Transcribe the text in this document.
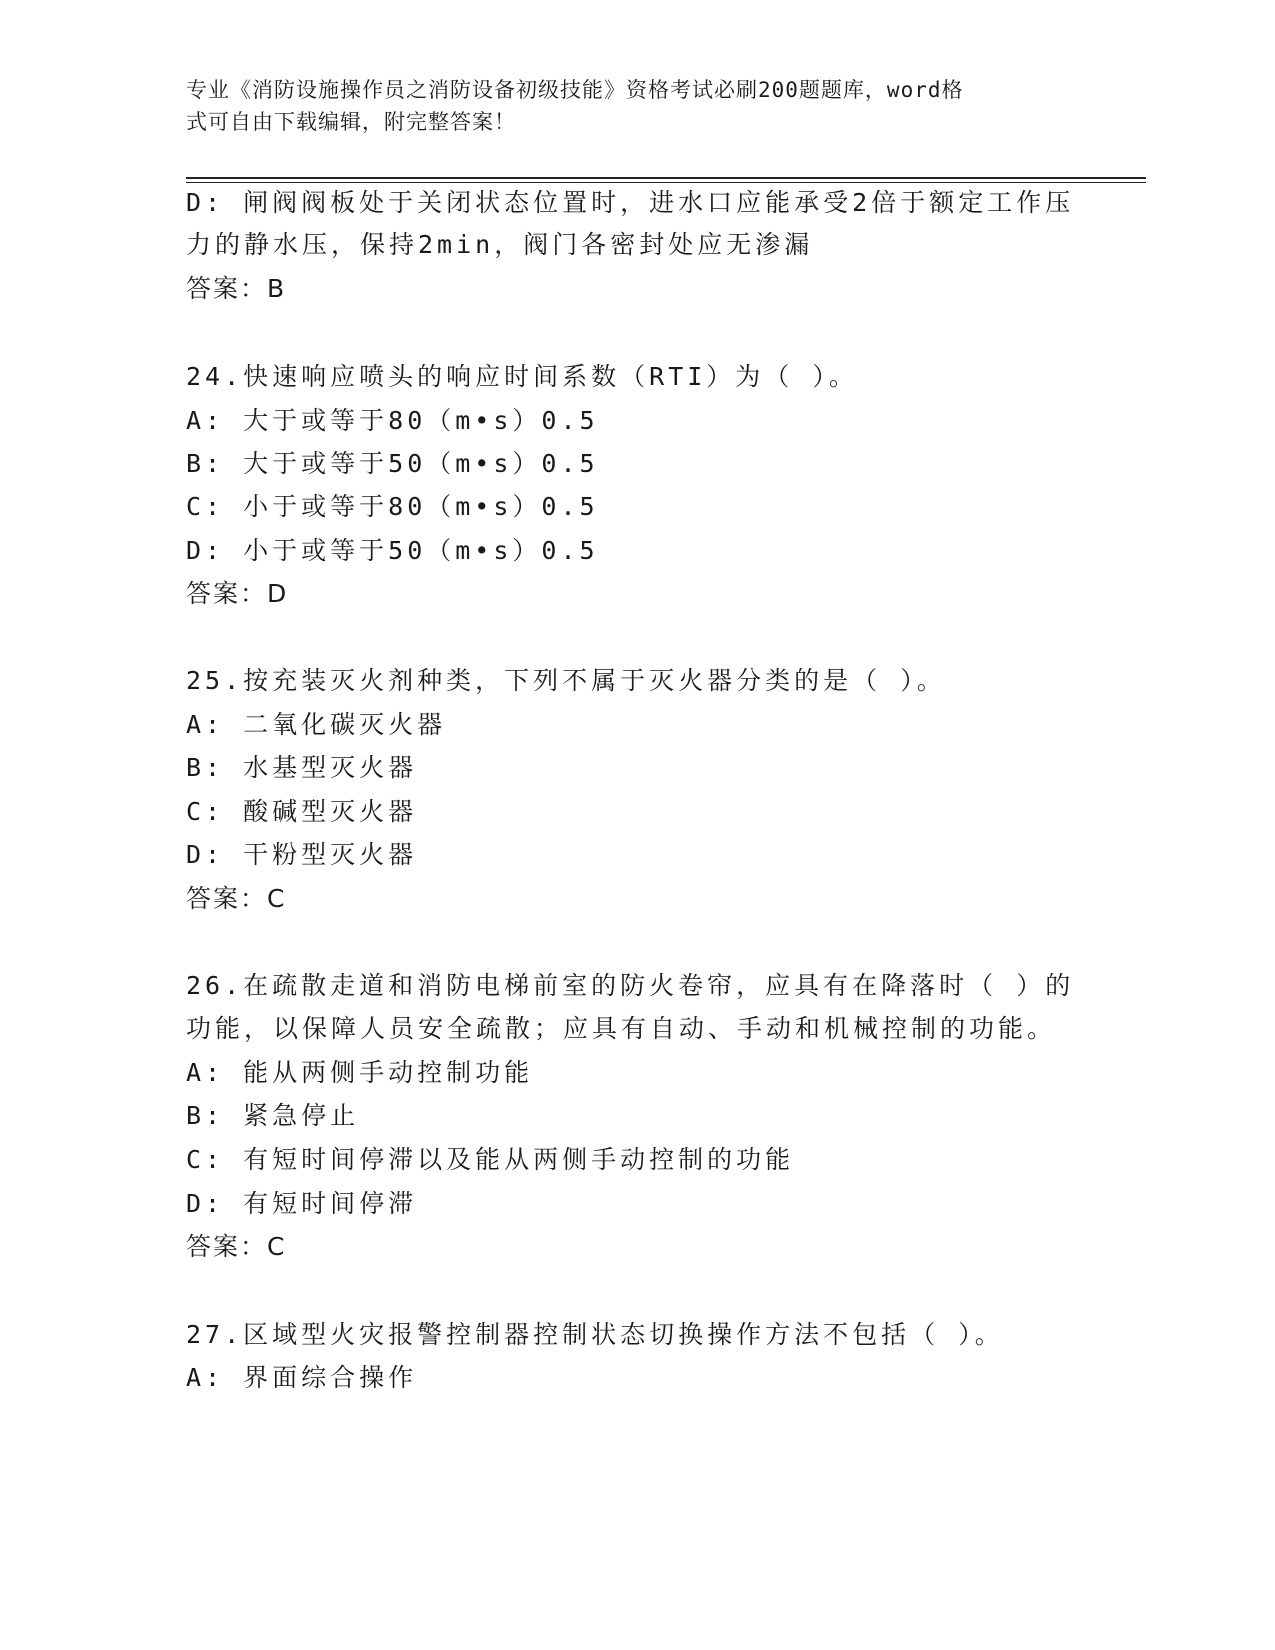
专业《消防设施操作员之消防设备初级技能》资格考试必刷200题题库，word格
式可自由下载编辑，附完整答案！

D: 闸阀阀板处于关闭状态位置时，进水口应能承受2倍于额定工作压

力的静水压，保持2min，阀门各密封处应无渗漏

答案：B

24.快速响应喷头的响应时间系数（RTI）为（ ）。

A: 大于或等于80（m•s）0.5

B: 大于或等于50（m•s）0.5

C: 小于或等于80（m•s）0.5

D: 小于或等于50（m•s）0.5

答案：D

25.按充装灭火剂种类，下列不属于灭火器分类的是（ ）。

A: 二氧化碳灭火器

B: 水基型灭火器

C: 酸碱型灭火器

D: 干粉型灭火器

答案：C

26.在疏散走道和消防电梯前室的防火卷帘，应具有在降落时（ ）的

功能，以保障人员安全疏散；应具有自动、手动和机械控制的功能。

A: 能从两侧手动控制功能

B: 紧急停止

C: 有短时间停滞以及能从两侧手动控制的功能

D: 有短时间停滞

答案：C

27.区域型火灾报警控制器控制状态切换操作方法不包括（ ）。

A: 界面综合操作
